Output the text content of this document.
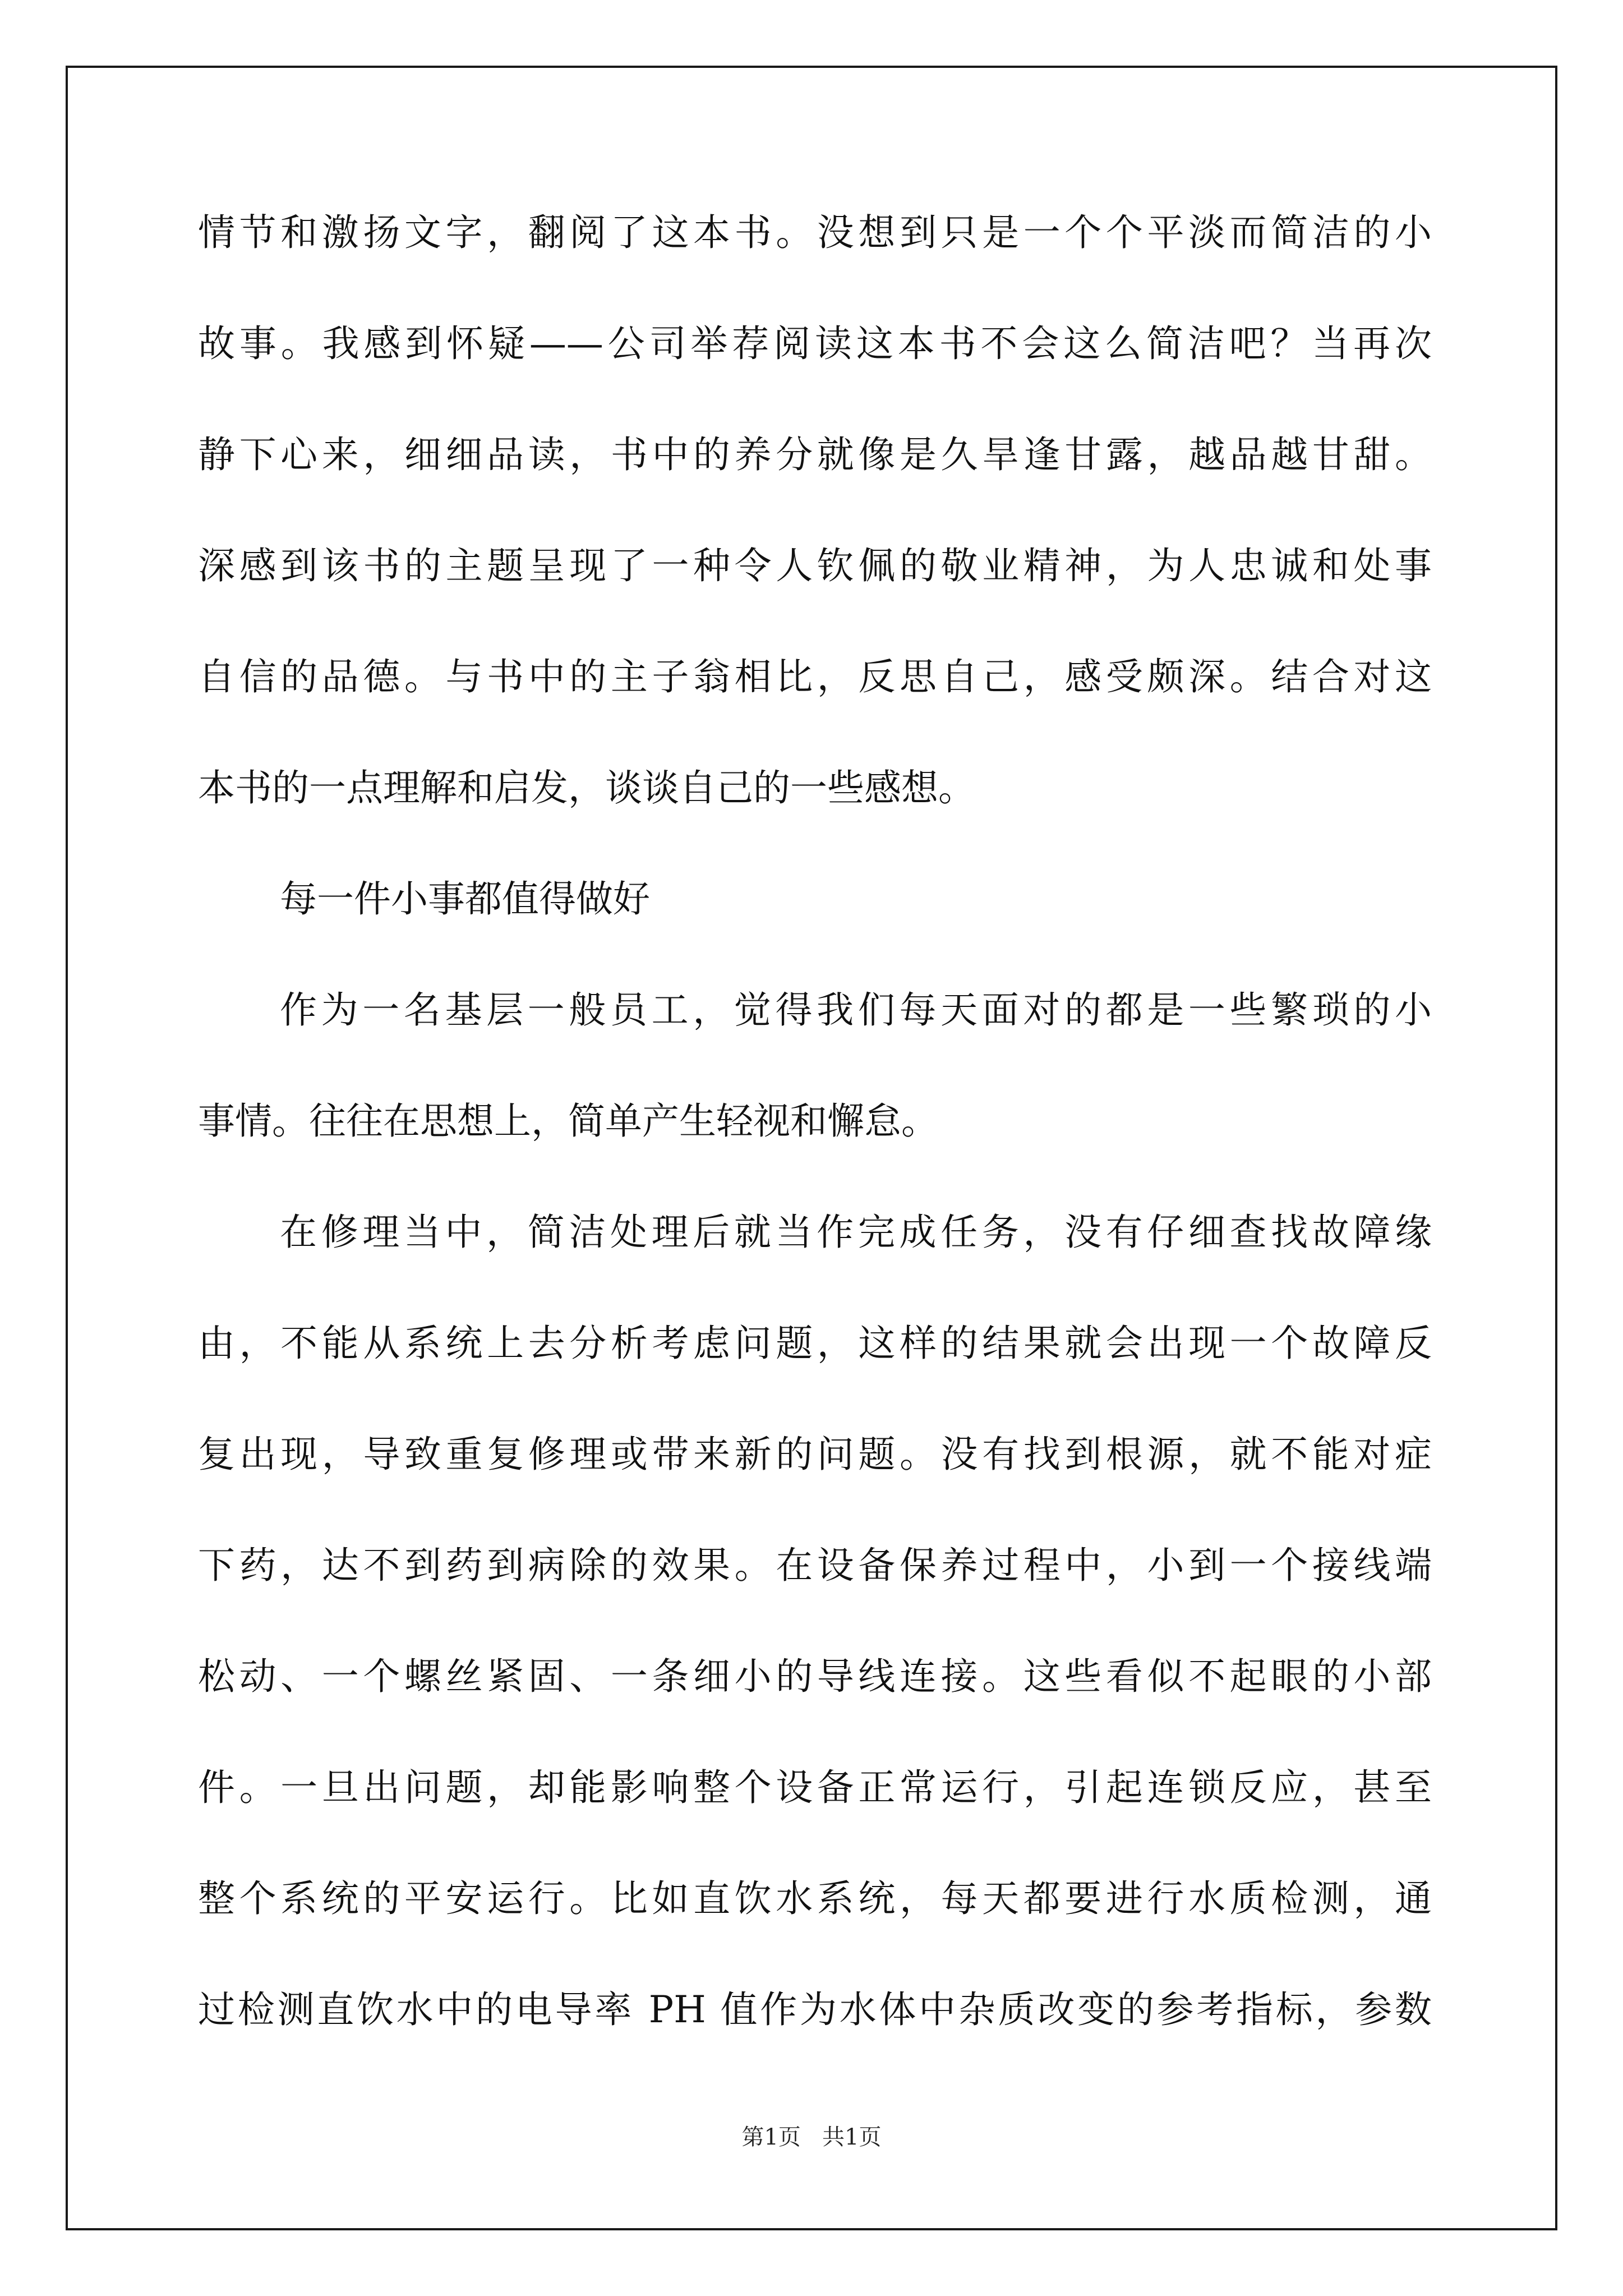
情节和激扬文字，翻阅了这本书。没想到只是一个个平淡而简洁的小
故事。我感到怀疑——公司举荐阅读这本书不会这么简洁吧？当再次
静下心来，细细品读，书中的养分就像是久旱逢甘露，越品越甘甜。
深感到该书的主题呈现了一种令人钦佩的敬业精神，为人忠诚和处事
自信的品德。与书中的主子翁相比，反思自己，感受颇深。结合对这
本书的一点理解和启发，谈谈自己的一些感想。
每一件小事都值得做好
作为一名基层一般员工，觉得我们每天面对的都是一些繁琐的小
事情。往往在思想上，简单产生轻视和懈怠。
在修理当中，简洁处理后就当作完成任务，没有仔细查找故障缘
由，不能从系统上去分析考虑问题，这样的结果就会出现一个故障反
复出现，导致重复修理或带来新的问题。没有找到根源，就不能对症
下药，达不到药到病除的效果。在设备保养过程中，小到一个接线端
松动、一个螺丝紧固、一条细小的导线连接。这些看似不起眼的小部
件。一旦出问题，却能影响整个设备正常运行，引起连锁反应，甚至
整个系统的平安运行。比如直饮水系统，每天都要进行水质检测，通
过检测直饮水中的电导率 PH 值作为水体中杂质改变的参考指标，参数
第1页   共1页
